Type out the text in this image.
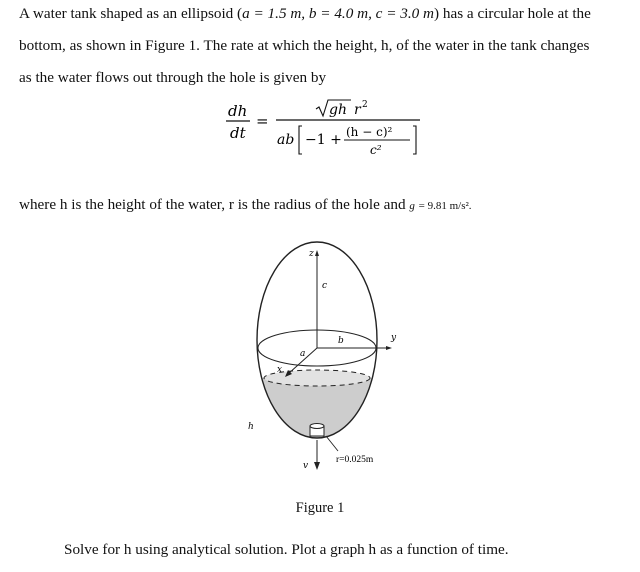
A water tank shaped as an ellipsoid (a = 1.5 m, b = 4.0 m, c = 3.0 m) has a circular hole at the
bottom, as shown in Figure 1. The rate at which the height, h, of the water in the tank changes
as the water flows out through the hole is given by
dh
dt
=
gh r 2
ab −1 + (h − c)²
c²
where h is the height of the water, r is the radius of the hole and g = 9.81 m/s².
z
c
y
b
x
a
h
v
r=0.025m
Figure 1
Solve for h using analytical solution. Plot a graph h as a function of time.
